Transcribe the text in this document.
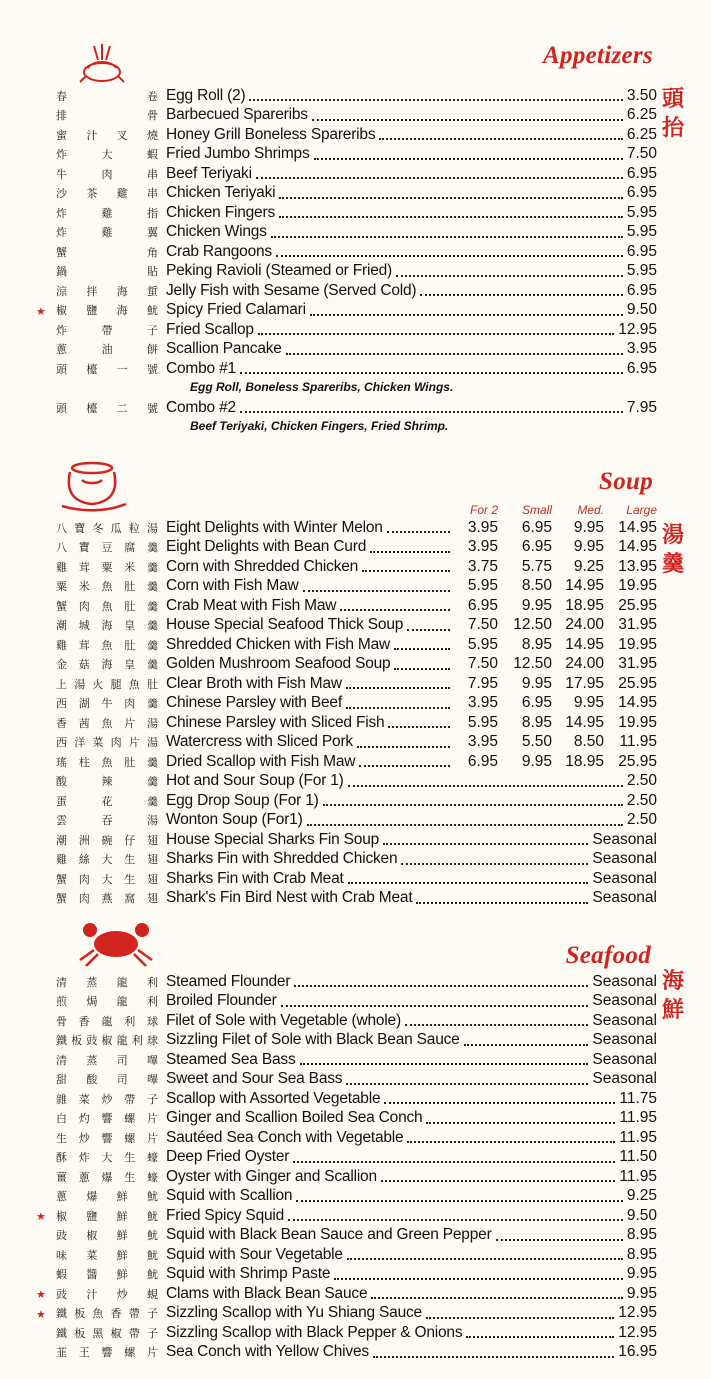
Appetizers
頭抬
春	卷 Egg Roll (2)	3.50
排	骨 Barbecued Spareribs	6.25
蜜 汁 叉 燒 Honey Grill Boneless Spareribs	6.25
炸	大	蝦 Fried Jumbo Shrimps	7.50
牛	肉	串 Beef Teriyaki	6.95
沙 茶 雞 串 Chicken Teriyaki	6.95
炸	雞	指 Chicken Fingers	5.95
炸	雞	翼 Chicken Wings	5.95
蟹	角 Crab Rangoons	6.95
鍋	貼 Peking Ravioli (Steamed or Fried)	5.95
涼 拌 海 蜇 Jelly Fish with Sesame (Served Cold)	6.95
★ 椒 鹽 海 魷 Spicy Fried Calamari	9.50
炸	帶	子 Fried Scallop	12.95
蔥	油	餅 Scallion Pancake	3.95
頭 檯 一 號 Combo #1	6.95
Egg Roll, Boneless Spareribs, Chicken Wings.
頭 檯 二 號 Combo #2	7.95
Beef Teriyaki, Chicken Fingers, Fried Shrimp.
Soup
湯羹
For 2	Small	Med.	Large
八 寶 冬 瓜 粒 湯 Eight Delights with Winter Melon	3.95	6.95	9.95 14.95
八 寶 豆 腐 羹 Eight Delights with Bean Curd	3.95	6.95	9.95 14.95
雞 茸 粟 米 羹 Corn with Shredded Chicken	3.75	5.75	9.25 13.95
粟 米 魚 肚 羹 Corn with Fish Maw	5.95	8.50 14.95 19.95
蟹 肉 魚 肚 羹 Crab Meat with Fish Maw	6.95	9.95 18.95 25.95
潮 城 海 皇 羹 House Special Seafood Thick Soup	7.50 12.50 24.00 31.95
雞 茸 魚 肚 羹 Shredded Chicken with Fish Maw	5.95	8.95 14.95 19.95
金 菇 海 皇 羹 Golden Mushroom Seafood Soup	7.50 12.50 24.00 31.95
上 湯 火 腿 魚 肚 Clear Broth with Fish Maw	7.95	9.95 17.95 25.95
西 湖 牛 肉 羹 Chinese Parsley with Beef	3.95	6.95	9.95 14.95
香 茜 魚 片 湯 Chinese Parsley with Sliced Fish	5.95	8.95 14.95 19.95
西 洋 菜 肉 片 湯 Watercress with Sliced Pork	3.95	5.50	8.50 11.95
瑤 柱 魚 肚 羹 Dried Scallop with Fish Maw	6.95	9.95 18.95 25.95
酸	辣	羹 Hot and Sour Soup (For 1)	2.50
蛋	花	羹 Egg Drop Soup (For 1)	2.50
雲	吞	湯 Wonton Soup (For1)	2.50
潮 洲 碗 仔 翅 House Special Sharks Fin Soup	Seasonal
雞 絲 大 生 翅 Sharks Fin with Shredded Chicken	Seasonal
蟹 肉 大 生 翅 Sharks Fin with Crab Meat	Seasonal
蟹 肉 燕 窩 翅 Shark's Fin Bird Nest with Crab Meat	Seasonal
Seafood
海鮮
清 蒸 龍 利 Steamed Flounder	Seasonal
煎 焗 龍 利 Broiled Flounder	Seasonal
骨 香 龍 利 球 Filet of Sole with Vegetable (whole)	Seasonal
鐵 板 豉 椒 龍 利 球 Sizzling Filet of Sole with Black Bean Sauce	Seasonal
清 蒸 司 嗶 Steamed Sea Bass	Seasonal
甜 酸 司 嗶 Sweet and Sour Sea Bass	Seasonal
雜 菜 炒 帶 子 Scallop with Assorted Vegetable	11.75
白 灼 響 螺 片 Ginger and Scallion Boiled Sea Conch	11.95
生 炒 響 螺 片 Sautéed Sea Conch with Vegetable	11.95
酥 炸 大 生 蠔 Deep Fried Oyster	11.50
薑 蔥 爆 生 蠔 Oyster with Ginger and Scallion	11.95
蔥 爆 鮮 魷 Squid with Scallion	9.25
★ 椒 鹽 鮮 魷 Fried Spicy Squid	9.50
豉 椒 鮮 魷 Squid with Black Bean Sauce and Green Pepper	8.95
味 菜 鮮 魷 Squid with Sour Vegetable	8.95
蝦 醬 鮮 魷 Squid with Shrimp Paste	9.95
★ 豉 汁 炒 蜆 Clams with Black Bean Sauce	9.95
★ 鐵 板 魚 香 帶 子 Sizzling Scallop with Yu Shiang Sauce	12.95
鐵 板 黑 椒 帶 子 Sizzling Scallop with Black Pepper & Onions	12.95
韮 王 響 螺 片 Sea Conch with Yellow Chives	16.95
